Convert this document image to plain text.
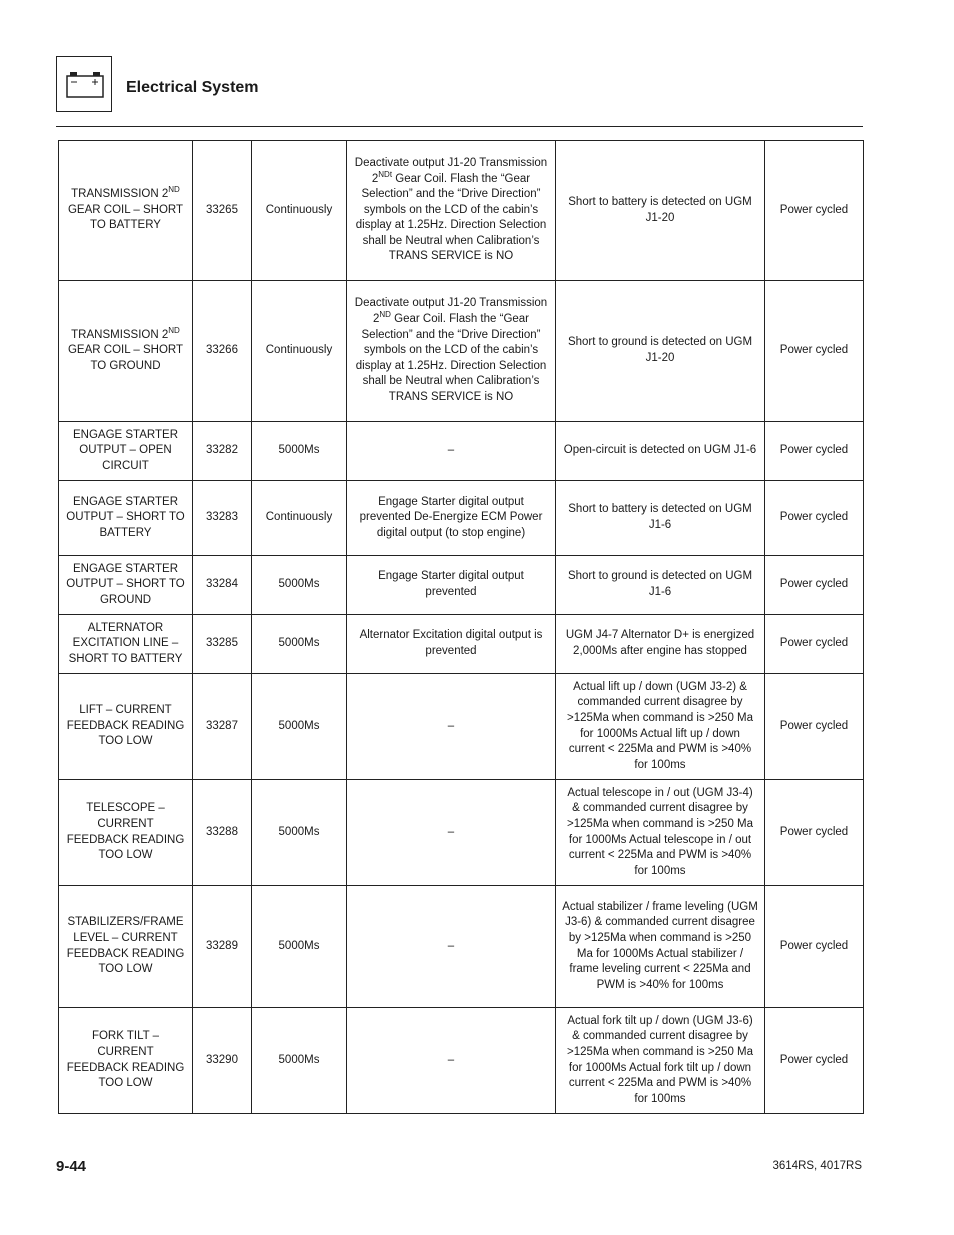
Electrical System
TRANSMISSION 2ND GEAR COIL – SHORT TO BATTERY	33265	Continuously	Deactivate output J1-20 Transmission $2^{NDt}$ Gear Coil. Flash the “Gear Selection” and the “Drive Direction” symbols on the LCD of the cabin’s display at 1.25Hz. Direction Selection shall be Neutral when Calibration’s TRANS SERVICE is NO	Short to battery is detected on UGM J1-20	Power cycled
TRANSMISSION 2ND GEAR COIL – SHORT TO GROUND	33266	Continuously	Deactivate output J1-20 Transmission 2ND Gear Coil. Flash the “Gear Selection” and the “Drive Direction” symbols on the LCD of the cabin’s display at 1.25Hz. Direction Selection shall be Neutral when Calibration’s TRANS SERVICE is NO	Short to ground is detected on UGM J1-20	Power cycled
ENGAGE STARTER OUTPUT – OPEN CIRCUIT	33282	5000Ms	–	Open-circuit is detected on UGM J1-6	Power cycled
ENGAGE STARTER OUTPUT – SHORT TO BATTERY	33283	Continuously	Engage Starter digital output prevented De-Energize ECM Power digital output (to stop engine)	Short to battery is detected on UGM J1-6	Power cycled
ENGAGE STARTER OUTPUT – SHORT TO GROUND	33284	5000Ms	Engage Starter digital output prevented	Short to ground is detected on UGM J1-6	Power cycled
ALTERNATOR EXCITATION LINE – SHORT TO BATTERY	33285	5000Ms	Alternator Excitation digital output is prevented	UGM J4-7 Alternator D+ is energized 2,000Ms after engine has stopped	Power cycled
LIFT – CURRENT FEEDBACK READING TOO LOW	33287	5000Ms	–	Actual lift up / down (UGM J3-2) & commanded current disagree by >125Ma when command is >250 Ma for 1000Ms Actual lift up / down current < 225Ma and PWM is >40% for 100ms	Power cycled
TELESCOPE – CURRENT FEEDBACK READING TOO LOW	33288	5000Ms	–	Actual telescope in / out (UGM J3-4) & commanded current disagree by >125Ma when command is >250 Ma for 1000Ms Actual telescope in / out current < 225Ma and PWM is >40% for 100ms	Power cycled
STABILIZERS/FRAME LEVEL – CURRENT FEEDBACK READING TOO LOW	33289	5000Ms	–	Actual stabilizer / frame leveling (UGM J3-6) & commanded current disagree by >125Ma when command is >250 Ma for 1000Ms Actual stabilizer / frame leveling current < 225Ma and PWM is >40% for 100ms	Power cycled
FORK TILT – CURRENT FEEDBACK READING TOO LOW	33290	5000Ms	–	Actual fork tilt up / down (UGM J3-6) & commanded current disagree by >125Ma when command is >250 Ma for 1000Ms Actual fork tilt up / down current < 225Ma and PWM is >40% for 100ms	Power cycled
9-44	3614RS, 4017RS
